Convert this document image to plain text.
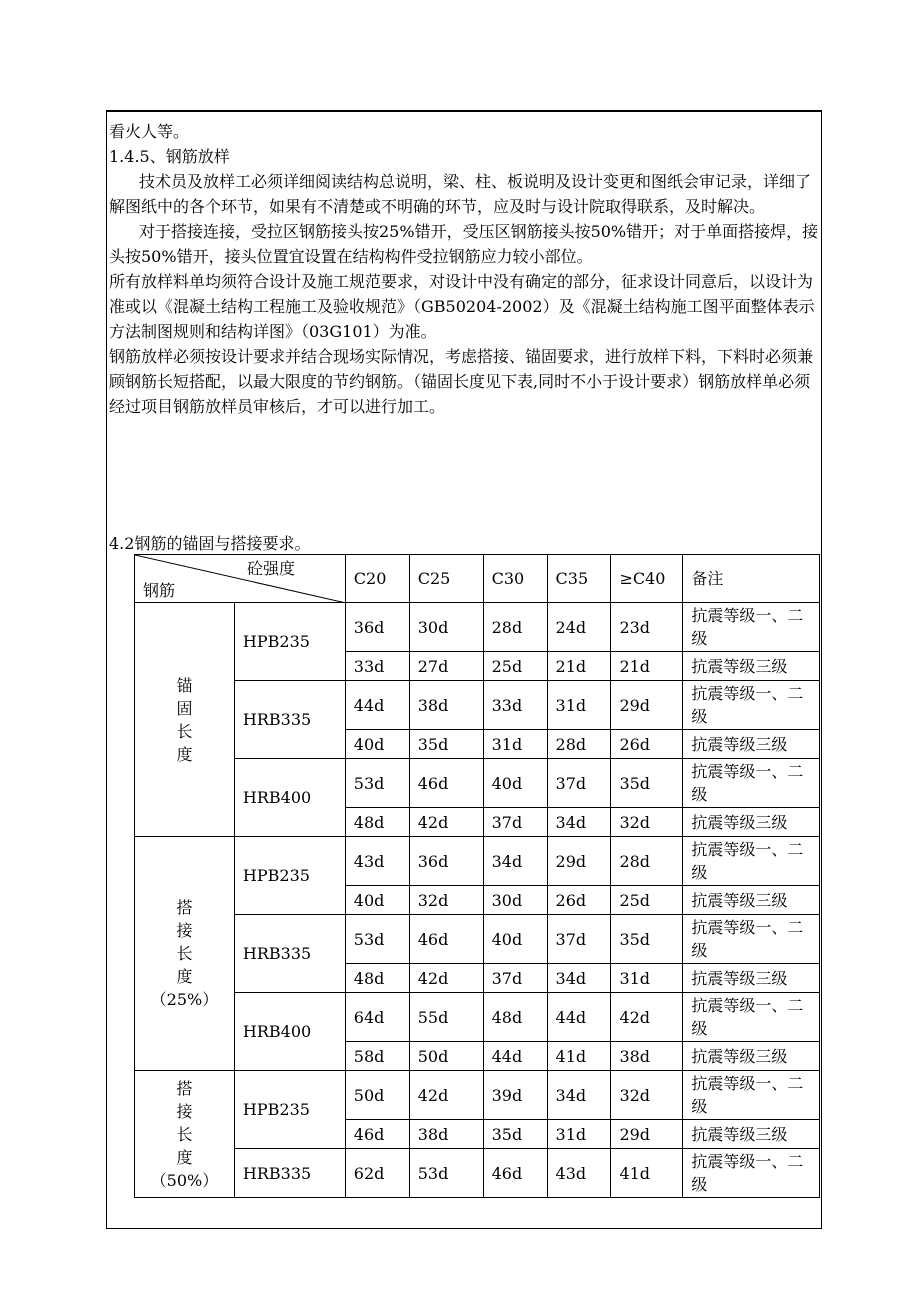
看火人等。

1.4.5、钢筋放样

技术员及放样工必须详细阅读结构总说明，梁、柱、板说明及设计变更和图纸会审记录，详细了解图纸中的各个环节，如果有不清楚或不明确的环节，应及时与设计院取得联系，及时解决。

对于搭接连接，受拉区钢筋接头按25%错开，受压区钢筋接头按50%错开；对于单面搭接焊，接头按50%错开，接头位置宜设置在结构构件受拉钢筋应力较小部位。

所有放样料单均须符合设计及施工规范要求，对设计中没有确定的部分，征求设计同意后，以设计为准或以《混凝土结构工程施工及验收规范》（GB50204-2002）及《混凝土结构施工图平面整体表示方法制图规则和结构详图》（03G101）为准。

钢筋放样必须按设计要求并结合现场实际情况，考虑搭接、锚固要求，进行放样下料，下料时必须兼顾钢筋长短搭配，以最大限度的节约钢筋。（锚固长度见下表,同时不小于设计要求）钢筋放样单必须经过项目钢筋放样员审核后，才可以进行加工。

4.2钢筋的锚固与搭接要求。
砼强度
钢筋		C20	C25	C30	C35	≥C40	备注

锚
固
长
度	HPB235	36d	30d	28d	24d	23d	抗震等级一、二级
		33d	27d	25d	21d	21d	抗震等级三级
	HRB335	44d	38d	33d	31d	29d	抗震等级一、二级
		40d	35d	31d	28d	26d	抗震等级三级
	HRB400	53d	46d	40d	37d	35d	抗震等级一、二级
		48d	42d	37d	34d	32d	抗震等级三级

搭
接
长
度
（25%）	HPB235	43d	36d	34d	29d	28d	抗震等级一、二级
		40d	32d	30d	26d	25d	抗震等级三级
	HRB335	53d	46d	40d	37d	35d	抗震等级一、二级
		48d	42d	37d	34d	31d	抗震等级三级
	HRB400	64d	55d	48d	44d	42d	抗震等级一、二级
		58d	50d	44d	41d	38d	抗震等级三级

搭
接
长
度
（50%）	HPB235	50d	42d	39d	34d	32d	抗震等级一、二级
		46d	38d	35d	31d	29d	抗震等级三级
	HRB335	62d	53d	46d	43d	41d	抗震等级一、二级
